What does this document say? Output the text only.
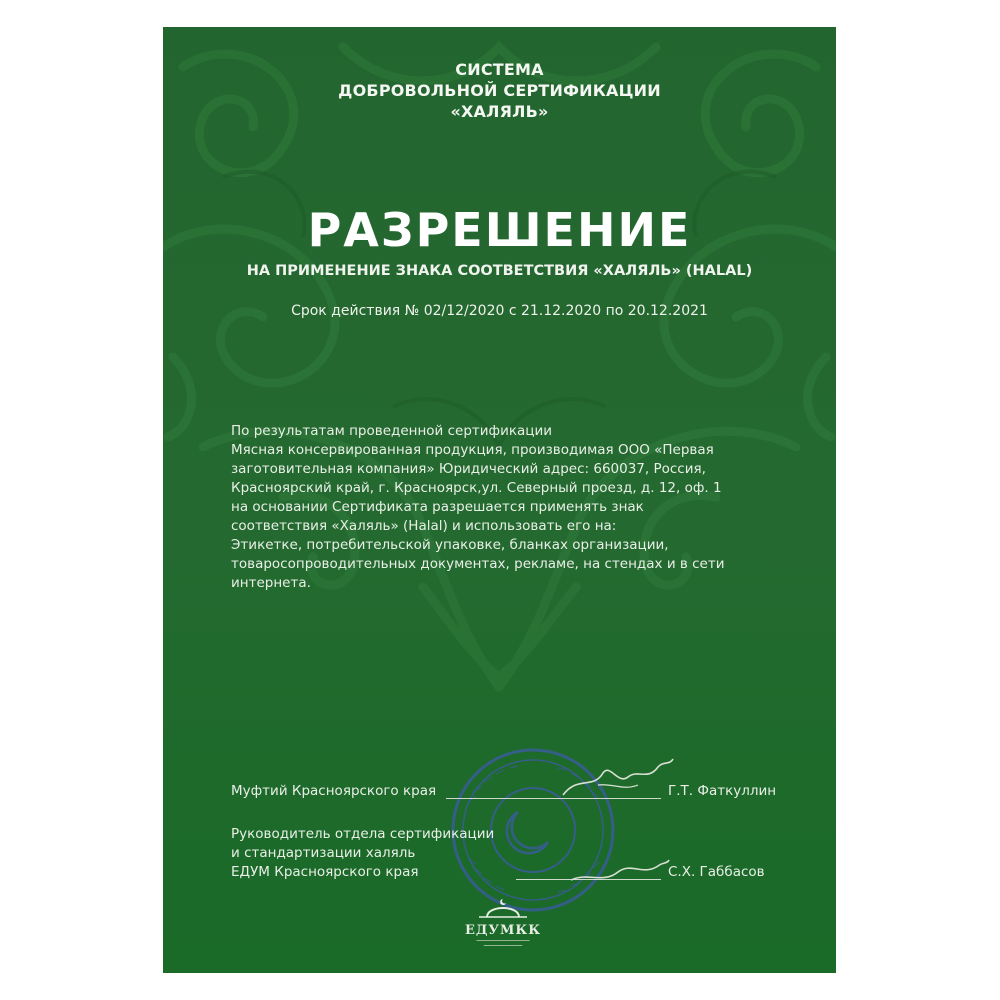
СИСТЕМА
ДОБРОВОЛЬНОЙ СЕРТИФИКАЦИИ
«ХАЛЯЛЬ»
РАЗРЕШЕНИЕ
НА ПРИМЕНЕНИЕ ЗНАКА СООТВЕТСТВИЯ «ХАЛЯЛЬ» (HALAL)
Срок действия № 02/12/2020 с 21.12.2020 по 20.12.2021
По результатам проведенной сертификации
Мясная консервированная продукция, производимая ООО «Первая
заготовительная компания» Юридический адрес: 660037, Россия,
Красноярский край, г. Красноярск,ул. Северный проезд, д. 12, оф. 1
на основании Сертификата разрешается применять знак
соответствия «Халяль» (Halal) и использовать его на:
Этикетке, потребительской упаковке, бланках организации,
товаросопроводительных документах, рекламе, на стендах и в сети
интернета.
Муфтий Красноярского края	Г.Т. Фаткуллин
Руководитель отдела сертификации
и стандартизации халяль
ЕДУМ Красноярского края	С.Х. Габбасов
ЕДУМКК
━━━━━━━━━━━━━━━━━━━━━━
━━━━━━━━━━━━━━━━
